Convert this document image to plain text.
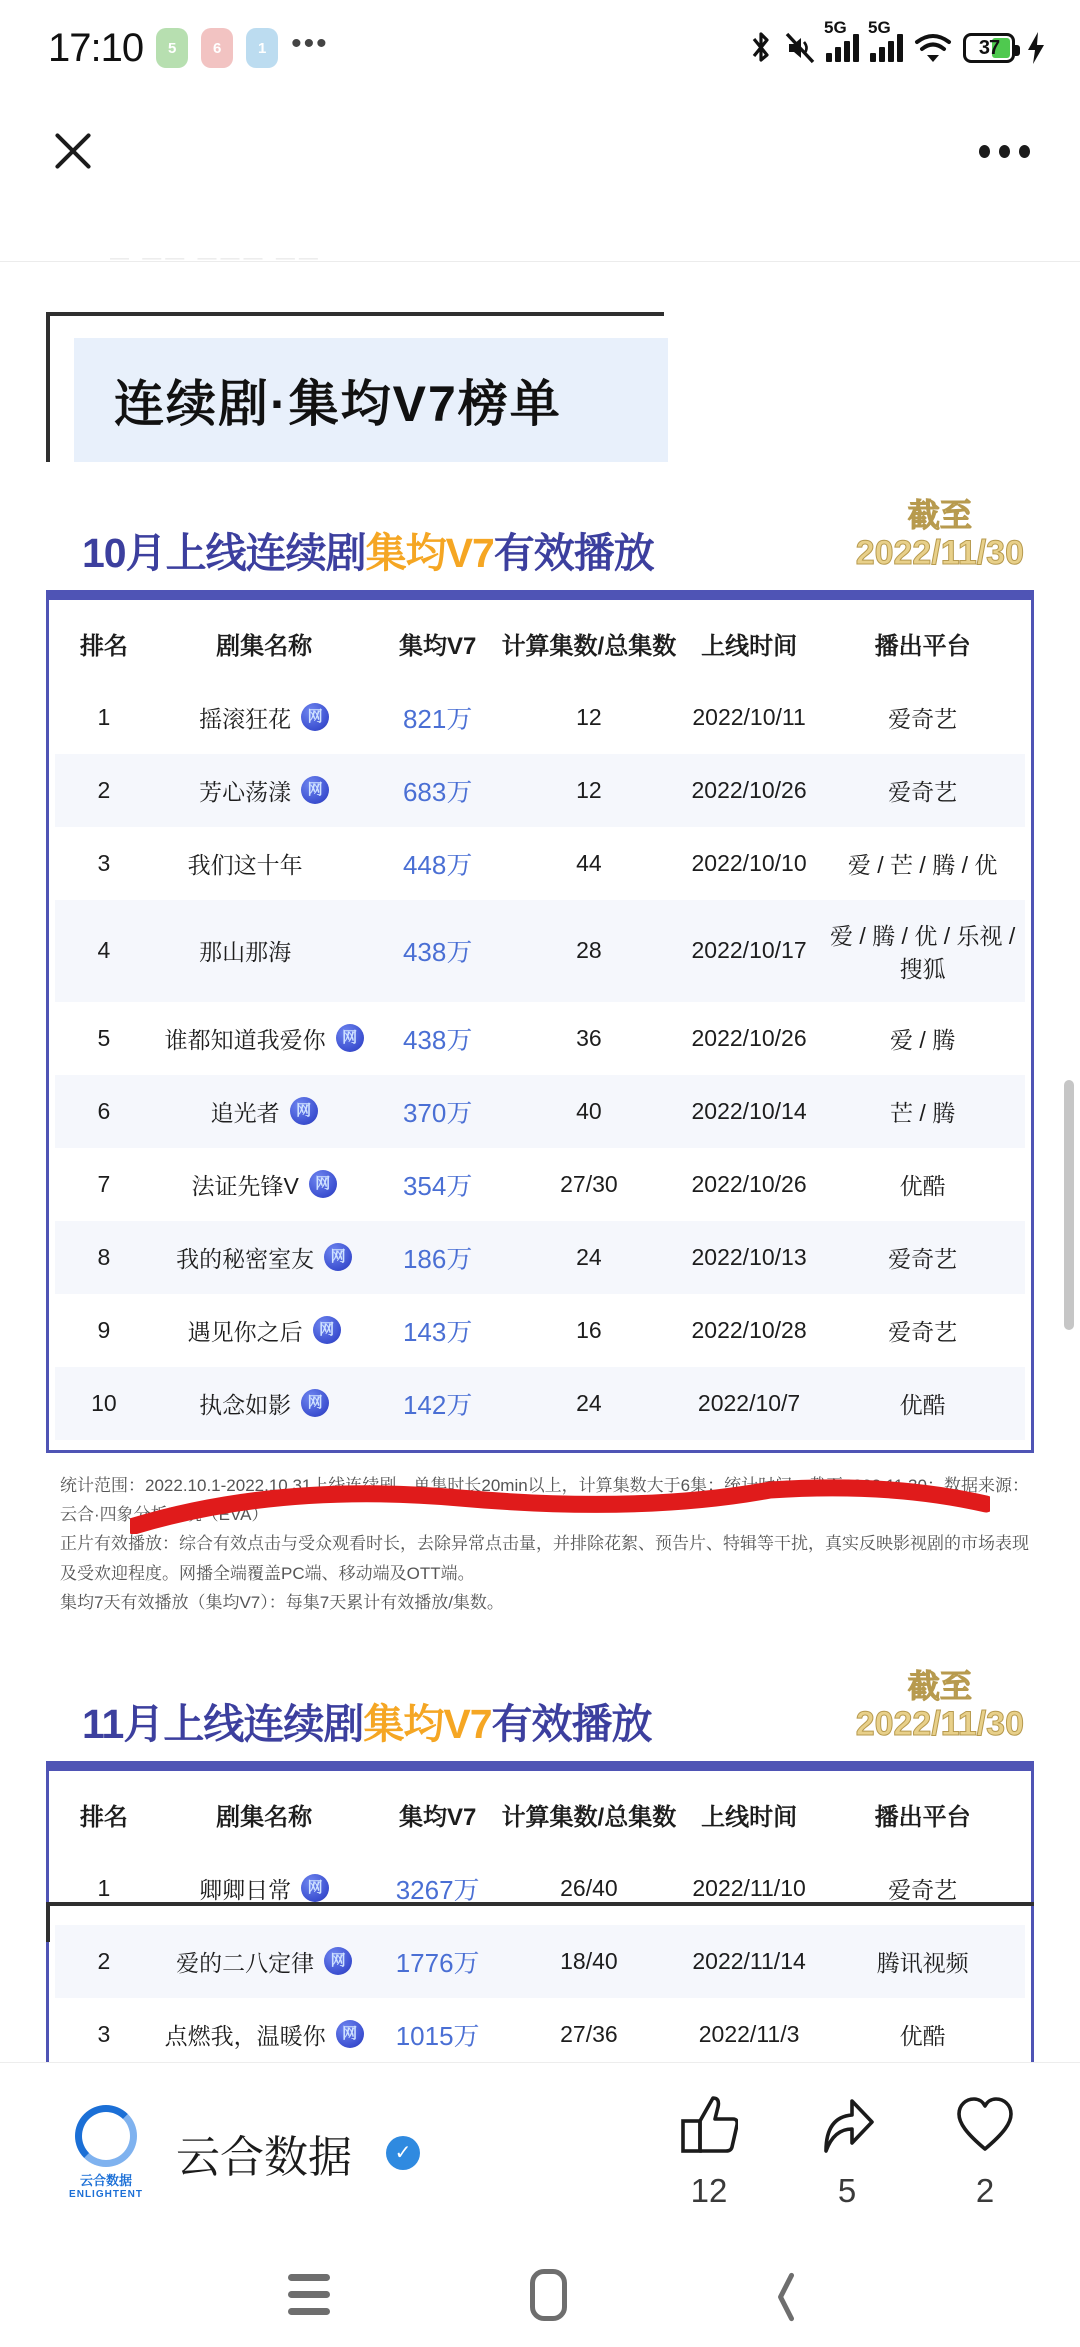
17:10	5	6	1 •••	5G 5G
37
— —— ——— ——
连续剧·集均V7榜单
10月上线连续剧集均V7有效播放
截至
2022/11/30
排名	剧集名称	集均V7	计算集数/总集数	上线时间	播出平台
1	摇滚狂花 网	821万	12	2022/10/11	爱奇艺
2	芳心荡漾 网	683万	12	2022/10/26	爱奇艺
3	我们这十年	448万	44	2022/10/10	爱 / 芒 / 腾 / 优
4	那山那海	438万	28	2022/10/17	爱 / 腾 / 优 / 乐视 / 搜狐
5	谁都知道我爱你 网	438万	36	2022/10/26	爱 / 腾
6	追光者 网	370万	40	2022/10/14	芒 / 腾
7	法证先锋V 网	354万	27/30	2022/10/26	优酷
8	我的秘密室友 网	186万	24	2022/10/13	爱奇艺
9	遇见你之后 网	143万	16	2022/10/28	爱奇艺
10	执念如影 网	142万	24	2022/10/7	优酷

统计范围：2022.10.1-2022.10.31上线连续剧，单集时长20min以上，计算集数大于6集；统计时间：截至2022.11.30；数据来源：云合·四象分析系统（EVA）

正片有效播放：综合有效点击与受众观看时长，去除异常点击量，并排除花絮、预告片、特辑等干扰，真实反映影视剧的市场表现及受欢迎程度。网播全端覆盖PC端、移动端及OTT端。

集均7天有效播放（集均V7）：每集7天累计有效播放/集数。

11月上线连续剧集均V7有效播放
截至
2022/11/30
排名	剧集名称	集均V7	计算集数/总集数	上线时间	播出平台
1	卿卿日常 网	3267万	26/40	2022/11/10	爱奇艺
2	爱的二八定律 网	1776万	18/40	2022/11/14	腾讯视频
3	点燃我，温暖你 网	1015万	27/36	2022/11/3	优酷

云合数据
ENLIGHTENT
云合数据
✓
12	5	2
